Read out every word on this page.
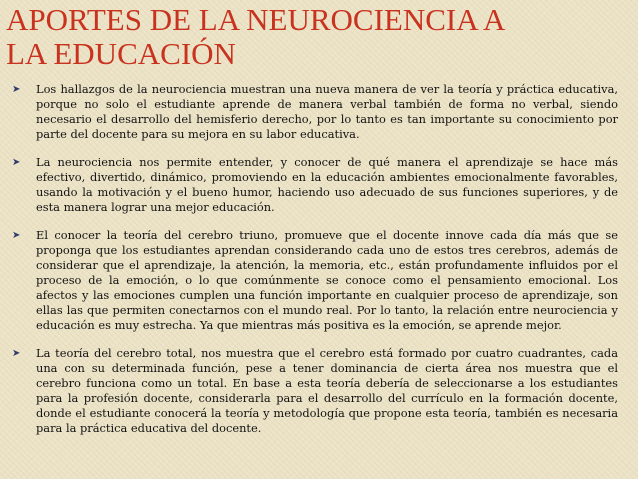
APORTES DE LA NEUROCIENCIA A
LA EDUCACIÓN
➤ Los hallazgos de la neurociencia muestran una nueva manera de ver la teoría y práctica educativa, porque no solo el estudiante aprende de manera verbal también de forma no verbal, siendo necesario el desarrollo del hemisferio derecho, por lo tanto es tan importante su conocimiento por parte del docente para su mejora en su labor educativa.
➤ La neurociencia nos permite entender, y conocer de qué manera el aprendizaje se hace más efectivo, divertido, dinámico, promoviendo en la educación ambientes emocionalmente favorables, usando la motivación y el bueno humor, haciendo uso adecuado de sus funciones superiores, y de esta manera lograr una mejor educación.
➤ El conocer la teoría del cerebro triuno, promueve que el docente innove cada día más que se proponga que los estudiantes aprendan considerando cada uno de estos tres cerebros, además de considerar que el aprendizaje, la atención, la memoria, etc., están profundamente influidos por el proceso de la emoción, o lo que comúnmente se conoce como el pensamiento emocional. Los afectos y las emociones cumplen una función importante en cualquier proceso de aprendizaje, son ellas las que permiten conectarnos con el mundo real. Por lo tanto, la relación entre neurociencia y educación es muy estrecha. Ya que mientras más positiva es la emoción, se aprende mejor.
➤ La teoría del cerebro total, nos muestra que el cerebro está formado por cuatro cuadrantes, cada una con su determinada función, pese a tener dominancia de cierta área nos muestra que el cerebro funciona como un total. En base a esta teoría debería de seleccionarse a los estudiantes para la profesión docente, considerarla para el desarrollo del currículo en la formación docente, donde el estudiante conocerá la teoría y metodología que propone esta teoría, también es necesaria para la práctica educativa del docente.
